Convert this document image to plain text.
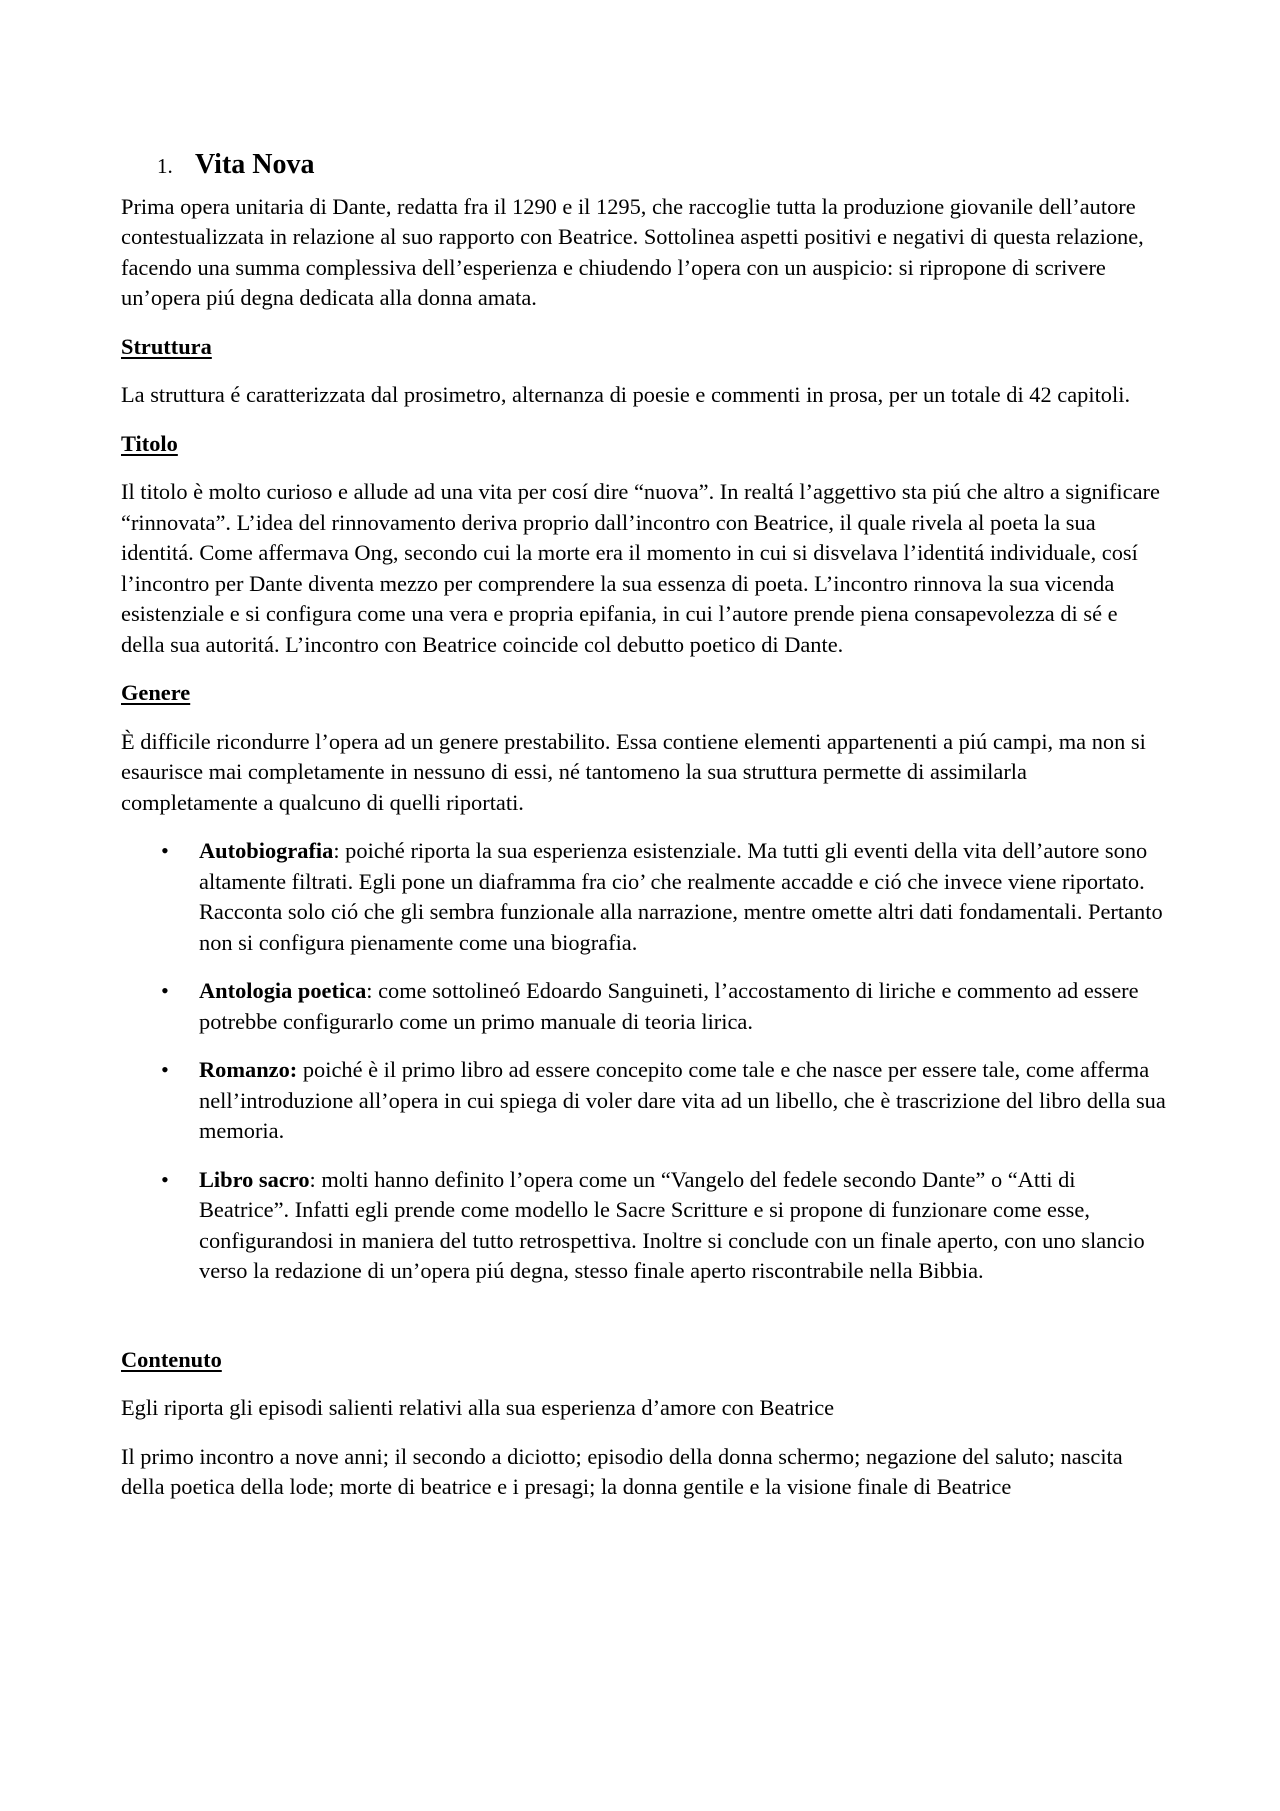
1. Vita Nova

Prima opera unitaria di Dante, redatta fra il 1290 e il 1295, che raccoglie tutta la produzione giovanile dell’autore contestualizzata in relazione al suo rapporto con Beatrice. Sottolinea aspetti positivi e negativi di questa relazione, facendo una summa complessiva dell’esperienza e chiudendo l’opera con un auspicio: si ripropone di scrivere un’opera piú degna dedicata alla donna amata.

Struttura

La struttura é caratterizzata dal prosimetro, alternanza di poesie e commenti in prosa, per un totale di 42 capitoli.

Titolo

Il titolo è molto curioso e allude ad una vita per cosí dire “nuova”. In realtá l’aggettivo sta piú che altro a significare “rinnovata”. L’idea del rinnovamento deriva proprio dall’incontro con Beatrice, il quale rivela al poeta la sua identitá. Come affermava Ong, secondo cui la morte era il momento in cui si disvelava l’identitá individuale, cosí l’incontro per Dante diventa mezzo per comprendere la sua essenza di poeta. L’incontro rinnova la sua vicenda esistenziale e si configura come una vera e propria epifania, in cui l’autore prende piena consapevolezza di sé e della sua autoritá. L’incontro con Beatrice coincide col debutto poetico di Dante.

Genere

È difficile ricondurre l’opera ad un genere prestabilito. Essa contiene elementi appartenenti a piú campi, ma non si esaurisce mai completamente in nessuno di essi, né tantomeno la sua struttura permette di assimilarla completamente a qualcuno di quelli riportati.

• Autobiografia: poiché riporta la sua esperienza esistenziale. Ma tutti gli eventi della vita dell’autore sono altamente filtrati. Egli pone un diaframma fra cio’ che realmente accadde e ció che invece viene riportato. Racconta solo ció che gli sembra funzionale alla narrazione, mentre omette altri dati fondamentali. Pertanto non si configura pienamente come una biografia.
• Antologia poetica: come sottolineó Edoardo Sanguineti, l’accostamento di liriche e commento ad essere potrebbe configurarlo come un primo manuale di teoria lirica.
• Romanzo: poiché è il primo libro ad essere concepito come tale e che nasce per essere tale, come afferma nell’introduzione all’opera in cui spiega di voler dare vita ad un libello, che è trascrizione del libro della sua memoria.
• Libro sacro: molti hanno definito l’opera come un “Vangelo del fedele secondo Dante” o “Atti di Beatrice”. Infatti egli prende come modello le Sacre Scritture e si propone di funzionare come esse, configurandosi in maniera del tutto retrospettiva. Inoltre si conclude con un finale aperto, con uno slancio verso la redazione di un’opera piú degna, stesso finale aperto riscontrabile nella Bibbia.
Contenuto

Egli riporta gli episodi salienti relativi alla sua esperienza d’amore con Beatrice

Il primo incontro a nove anni; il secondo a diciotto; episodio della donna schermo; negazione del saluto; nascita della poetica della lode; morte di beatrice e i presagi; la donna gentile e la visione finale di Beatrice
